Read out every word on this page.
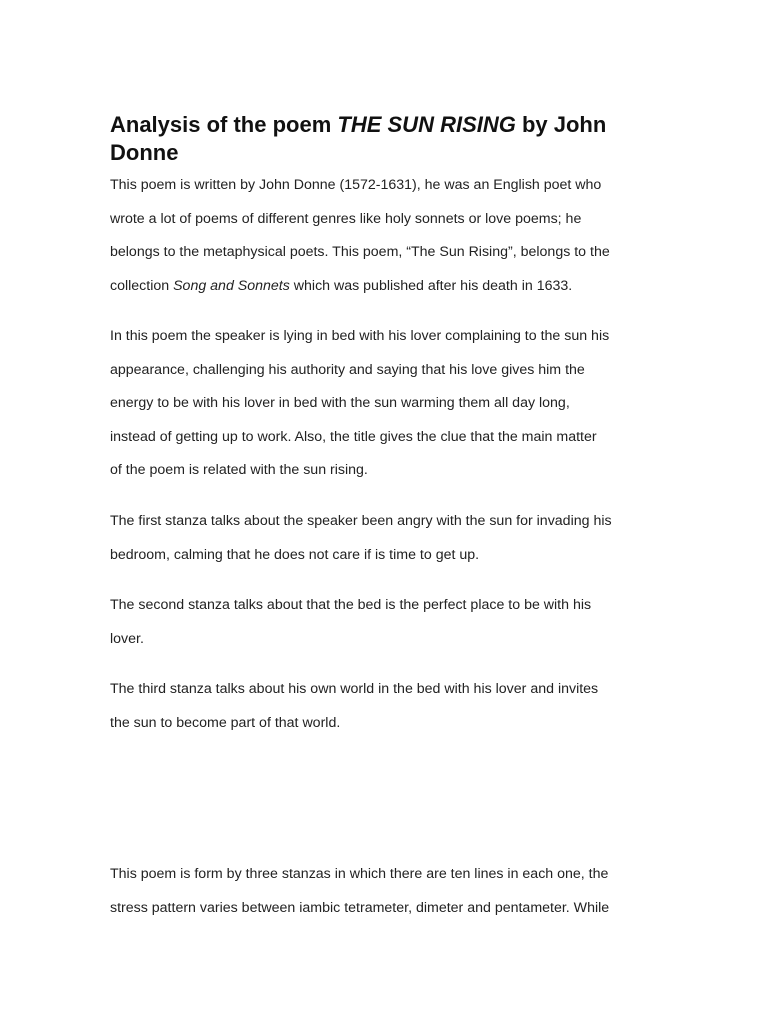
Analysis of the poem THE SUN RISING by John
Donne

This poem is written by John Donne (1572-1631), he was an English poet who
wrote a lot of poems of different genres like holy sonnets or love poems; he
belongs to the metaphysical poets. This poem, “The Sun Rising”, belongs to the
collection Song and Sonnets which was published after his death in 1633.

In this poem the speaker is lying in bed with his lover complaining to the sun his
appearance, challenging his authority and saying that his love gives him the
energy to be with his lover in bed with the sun warming them all day long,
instead of getting up to work. Also, the title gives the clue that the main matter
of the poem is related with the sun rising.

The first stanza talks about the speaker been angry with the sun for invading his
bedroom, calming that he does not care if is time to get up.

The second stanza talks about that the bed is the perfect place to be with his
lover.

The third stanza talks about his own world in the bed with his lover and invites
the sun to become part of that world.

This poem is form by three stanzas in which there are ten lines in each one, the
stress pattern varies between iambic tetrameter, dimeter and pentameter. While
